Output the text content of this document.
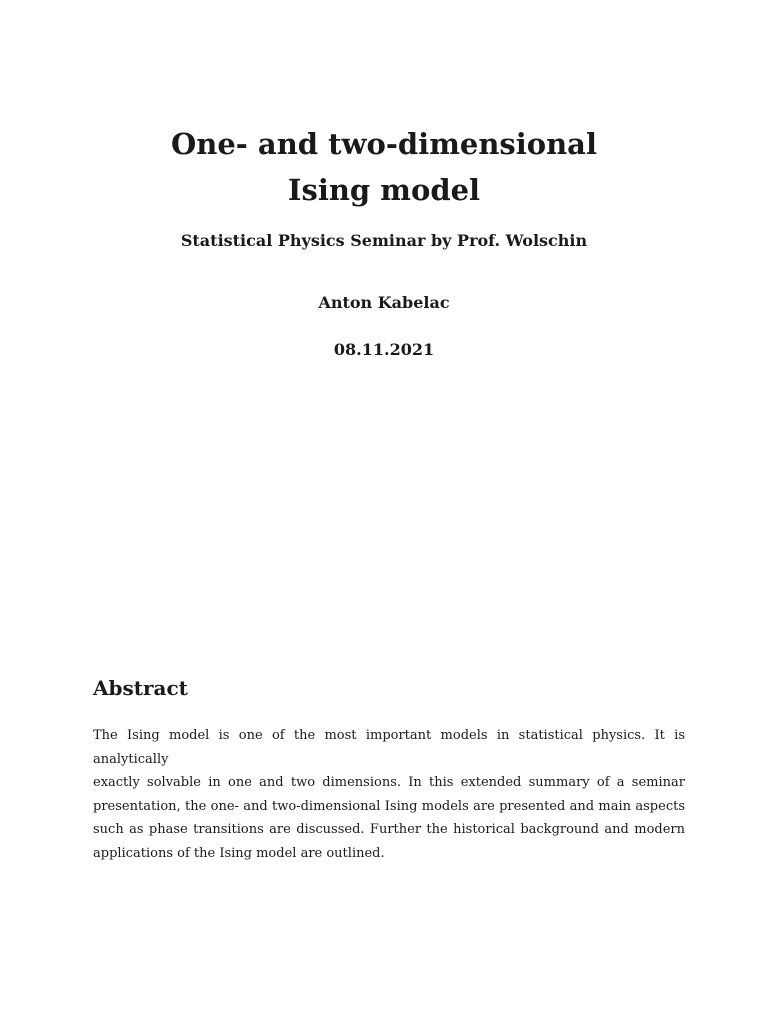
One- and two-dimensional
Ising model

Statistical Physics Seminar by Prof. Wolschin

Anton Kabelac

08.11.2021

Abstract
The Ising model is one of the most important models in statistical physics. It is analytically
exactly solvable in one and two dimensions. In this extended summary of a seminar
presentation, the one- and two-dimensional Ising models are presented and main aspects
such as phase transitions are discussed. Further the historical background and modern
applications of the Ising model are outlined.
